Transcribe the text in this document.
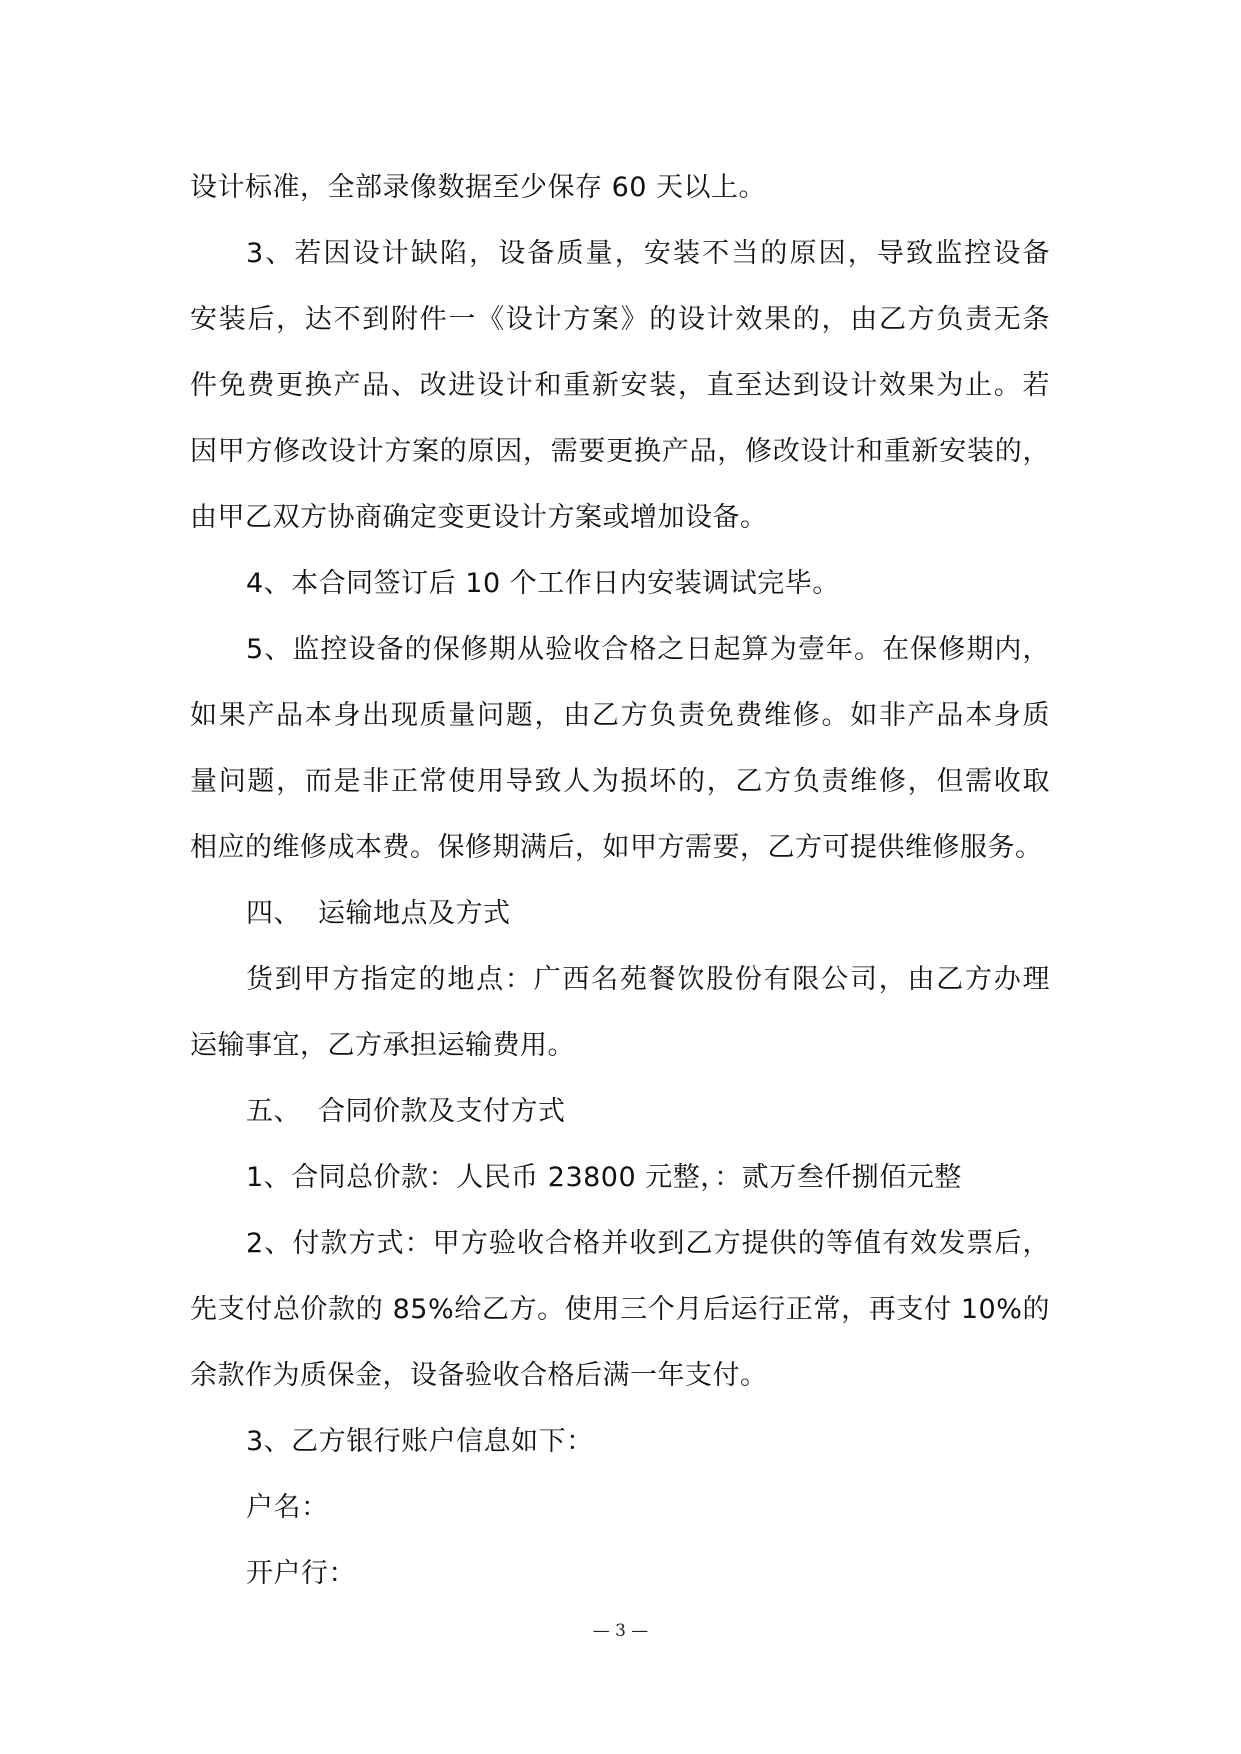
设计标准，全部录像数据至少保存 60 天以上。
3、若因设计缺陷，设备质量，安装不当的原因，导致监控设备
安装后，达不到附件一《设计方案》的设计效果的，由乙方负责无条
件免费更换产品、改进设计和重新安装，直至达到设计效果为止。若
因甲方修改设计方案的原因，需要更换产品，修改设计和重新安装的，
由甲乙双方协商确定变更设计方案或增加设备。
4、本合同签订后 10 个工作日内安装调试完毕。
5、监控设备的保修期从验收合格之日起算为壹年。在保修期内，
如果产品本身出现质量问题，由乙方负责免费维修。如非产品本身质
量问题，而是非正常使用导致人为损坏的，乙方负责维修，但需收取
相应的维修成本费。保修期满后，如甲方需要，乙方可提供维修服务。
四、 运输地点及方式
货到甲方指定的地点：广西名苑餐饮股份有限公司，由乙方办理
运输事宜，乙方承担运输费用。
五、 合同价款及支付方式
1、合同总价款：人民币 23800 元整，：贰万叁仟捌佰元整
2、付款方式：甲方验收合格并收到乙方提供的等值有效发票后，
先支付总价款的 85%给乙方。使用三个月后运行正常，再支付 10%的
余款作为质保金，设备验收合格后满一年支付。
3、乙方银行账户信息如下：
户名：
开户行：
— 3 —
